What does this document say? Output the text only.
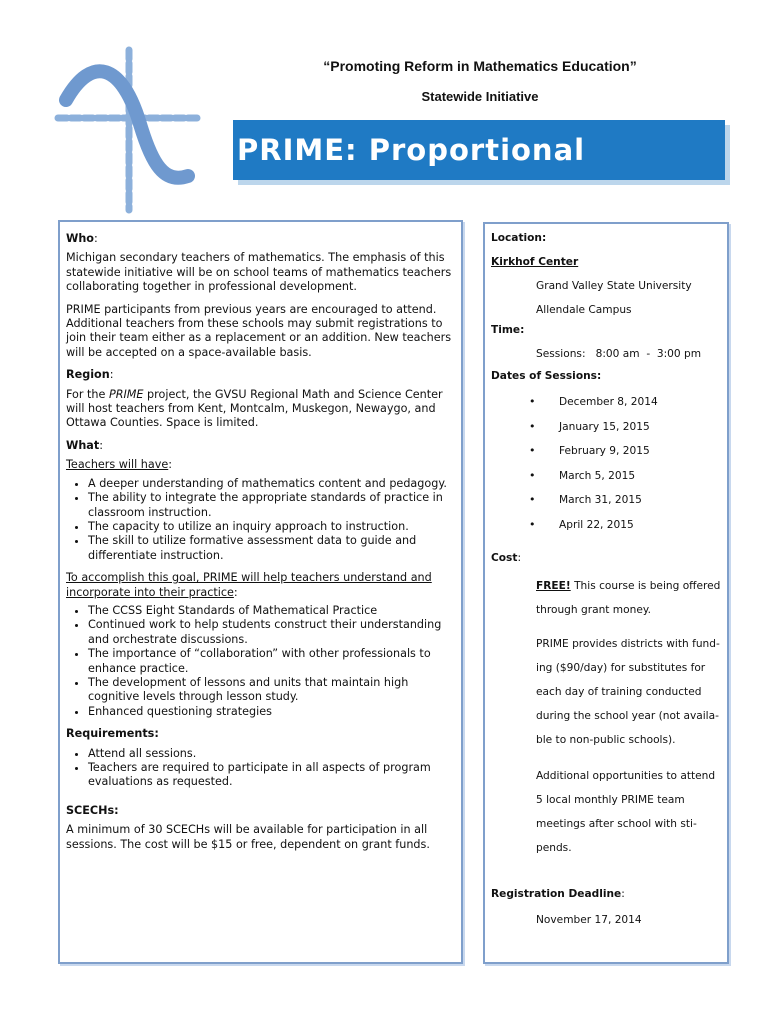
“Promoting Reform in Mathematics Education”
Statewide Initiative
PRIME: Proportional Thinking

Who:

Michigan secondary teachers of mathematics. The emphasis of this statewide initiative will be on school teams of mathematics teachers collaborating together in professional development.

PRIME participants from previous years are encouraged to attend. Additional teachers from these schools may submit registrations to join their team either as a replacement or an addition. New teachers will be accepted on a space-available basis.

Region:

For the PRIME project, the GVSU Regional Math and Science Center will host teachers from Kent, Montcalm, Muskegon, Newaygo, and Ottawa Counties. Space is limited.

What:

Teachers will have:

• A deeper understanding of mathematics content and pedagogy.
• The ability to integrate the appropriate standards of practice in classroom instruction.
• The capacity to utilize an inquiry approach to instruction.
• The skill to utilize formative assessment data to guide and differentiate instruction.

To accomplish this goal, PRIME will help teachers understand and incorporate into their practice:

• The CCSS Eight Standards of Mathematical Practice
• Continued work to help students construct their understanding and orchestrate discussions.
• The importance of “collaboration” with other professionals to enhance practice.
• The development of lessons and units that maintain high cognitive levels through lesson study.
• Enhanced questioning strategies

Requirements:

• Attend all sessions.
• Teachers are required to participate in all aspects of program evaluations as requested.

SCECHs:

A minimum of 30 SCECHs will be available for participation in all sessions. The cost will be $15 or free, dependent on grant funds.

Location:
Kirkhof Center
Grand Valley State University
Allendale Campus
Time:
Sessions:   8:00 am  -  3:00 pm
Dates of Sessions:
• December 8, 2014
• January 15, 2015
• February 9, 2015
• March 5, 2015
• March 31, 2015
• April 22, 2015
Cost:
FREE! This course is being offered
through grant money.
PRIME provides districts with fund-
ing ($90/day) for substitutes for
each day of training conducted
during the school year (not availa-
ble to non-public schools).
Additional opportunities to attend
5 local monthly PRIME team
meetings after school with sti-
pends.
Registration Deadline:
November 17, 2014
